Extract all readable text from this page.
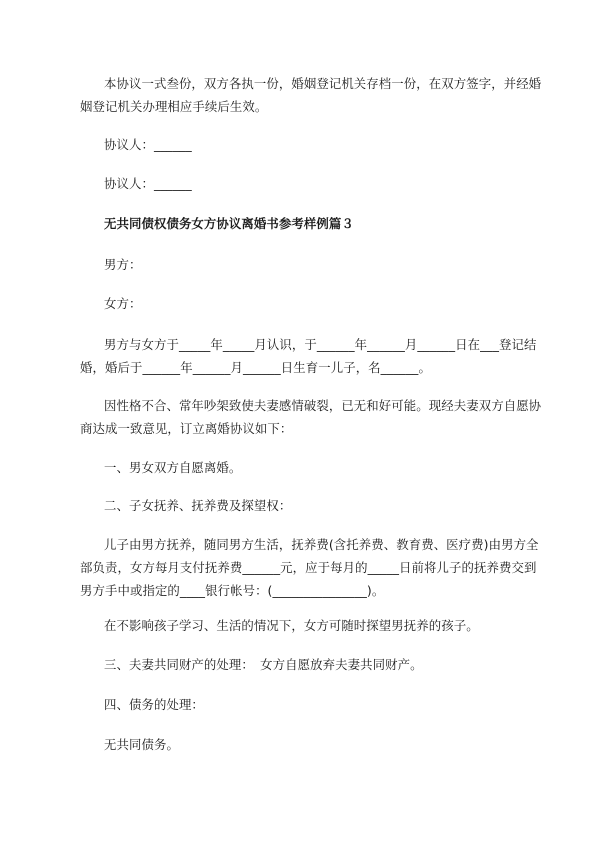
本协议一式叁份，双方各执一份，婚姻登记机关存档一份，在双方签字，并经婚
姻登记机关办理相应手续后生效。

协议人：______

协议人：______

无共同债权债务女方协议离婚书参考样例篇３

男方：

女方：

男方与女方于_____年_____月认识，于______年______月______日在___登记结
婚，婚后于______年______月______日生育一儿子，名______。

因性格不合、常年吵架致使夫妻感情破裂，已无和好可能。现经夫妻双方自愿协
商达成一致意见，订立离婚协议如下：

一、男女双方自愿离婚。

二、子女抚养、抚养费及探望权：

儿子由男方抚养，随同男方生活，抚养费(含托养费、教育费、医疗费)由男方全
部负责，女方每月支付抚养费______元，应于每月的_____日前将儿子的抚养费交到
男方手中或指定的____银行帐号：(_______________)。

在不影响孩子学习、生活的情况下，女方可随时探望男抚养的孩子。

三、夫妻共同财产的处理：　女方自愿放弃夫妻共同财产。

四、债务的处理：

无共同债务。
